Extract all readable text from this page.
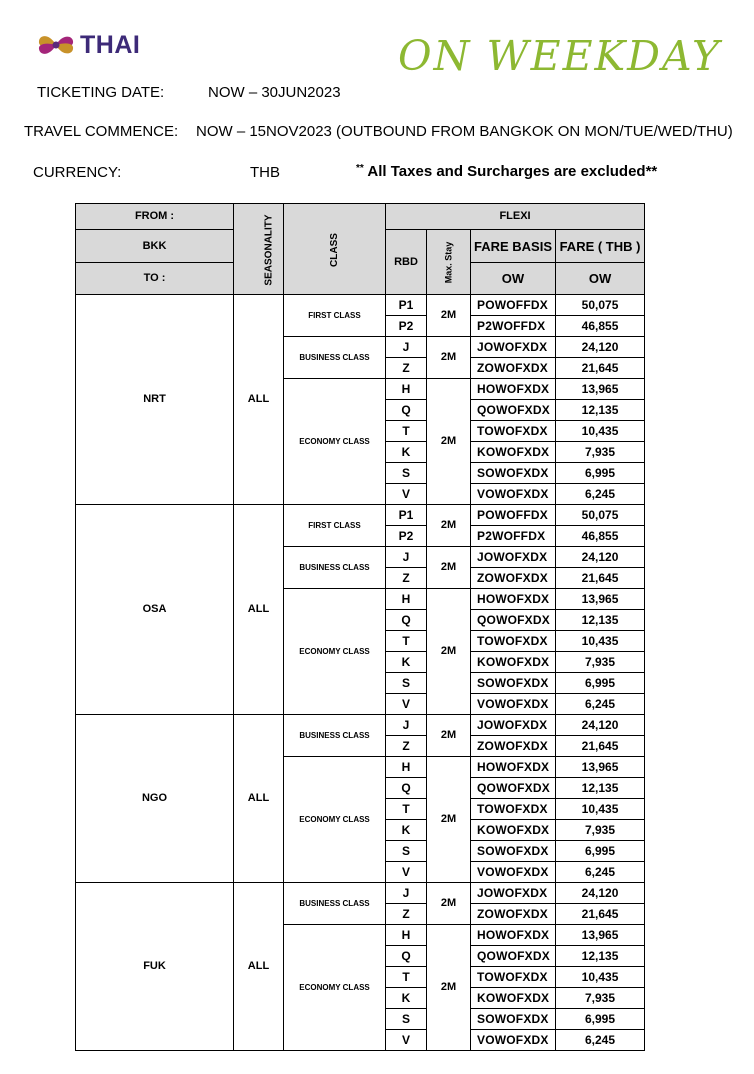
THAI	ON WEEKDAY
TICKETING DATE:	NOW – 30JUN2023
TRAVEL COMMENCE: NOW – 15NOV2023 (OUTBOUND FROM BANGKOK ON MON/TUE/WED/THU)
CURRENCY:	THB	** All Taxes and Surcharges are excluded**
FROM :	SEASONALITY	CLASS	FLEXI			
BKK			RBD	Max. Stay	FARE BASIS	FARE ( THB )
TO :					OW	OW
NRT	ALL	FIRST CLASS	P1	2M	POWOFFDX	50,075
			P2		P2WOFFDX	46,855
		BUSINESS CLASS	J	2M	JOWOFXDX	24,120
			Z		ZOWOFXDX	21,645
		ECONOMY CLASS	H	2M	HOWOFXDX	13,965
			Q		QOWOFXDX	12,135
			T		TOWOFXDX	10,435
			K		KOWOFXDX	7,935
			S		SOWOFXDX	6,995
			V		VOWOFXDX	6,245
OSA	ALL	FIRST CLASS	P1	2M	POWOFFDX	50,075
			P2		P2WOFFDX	46,855
		BUSINESS CLASS	J	2M	JOWOFXDX	24,120
			Z		ZOWOFXDX	21,645
		ECONOMY CLASS	H	2M	HOWOFXDX	13,965
			Q		QOWOFXDX	12,135
			T		TOWOFXDX	10,435
			K		KOWOFXDX	7,935
			S		SOWOFXDX	6,995
			V		VOWOFXDX	6,245
NGO	ALL	BUSINESS CLASS	J	2M	JOWOFXDX	24,120
			Z		ZOWOFXDX	21,645
		ECONOMY CLASS	H	2M	HOWOFXDX	13,965
			Q		QOWOFXDX	12,135
			T		TOWOFXDX	10,435
			K		KOWOFXDX	7,935
			S		SOWOFXDX	6,995
			V		VOWOFXDX	6,245
FUK	ALL	BUSINESS CLASS	J	2M	JOWOFXDX	24,120
			Z		ZOWOFXDX	21,645
		ECONOMY CLASS	H	2M	HOWOFXDX	13,965
			Q		QOWOFXDX	12,135
			T		TOWOFXDX	10,435
			K		KOWOFXDX	7,935
			S		SOWOFXDX	6,995
			V		VOWOFXDX	6,245
